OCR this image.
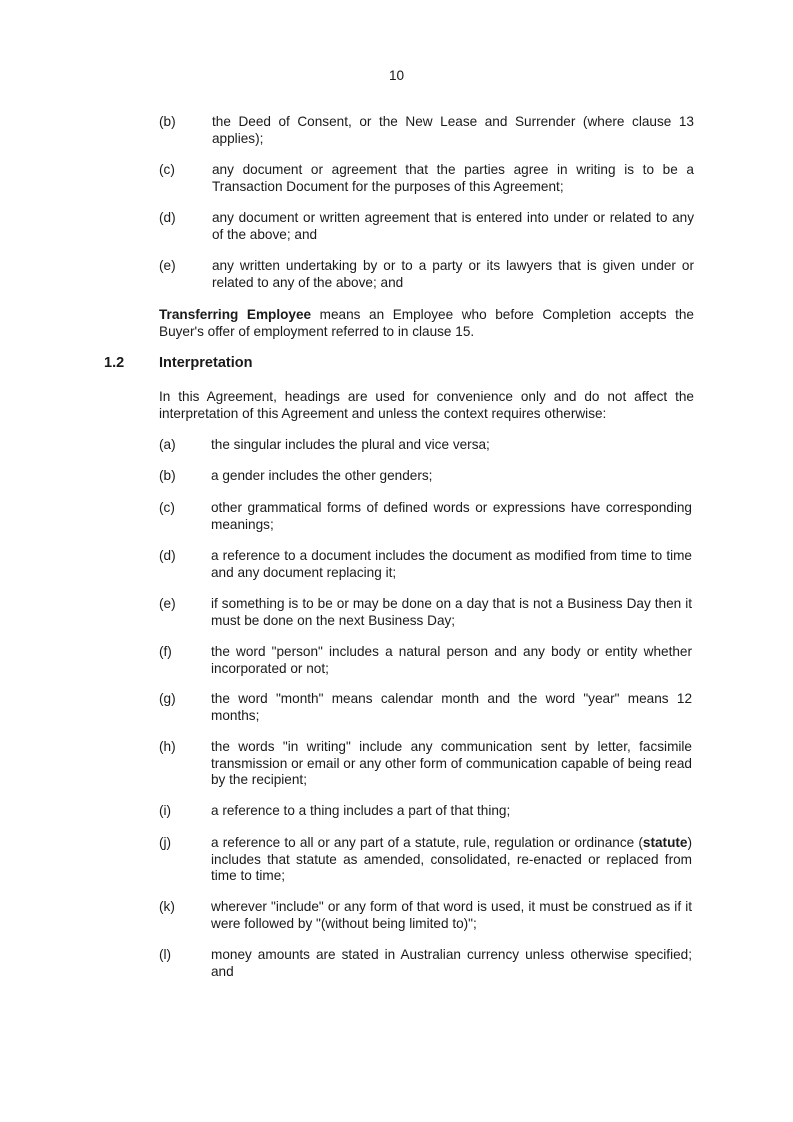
10
(b)	the Deed of Consent, or the New Lease and Surrender (where clause 13 applies);
(c)	any document or agreement that the parties agree in writing is to be a Transaction Document for the purposes of this Agreement;
(d)	any document or written agreement that is entered into under or related to any of the above; and
(e)	any written undertaking by or to a party or its lawyers that is given under or related to any of the above; and
Transferring Employee means an Employee who before Completion accepts the Buyer's offer of employment referred to in clause 15.
1.2 Interpretation
In this Agreement, headings are used for convenience only and do not affect the interpretation of this Agreement and unless the context requires otherwise:
(a)	the singular includes the plural and vice versa;
(b)	a gender includes the other genders;
(c)	other grammatical forms of defined words or expressions have corresponding meanings;
(d)	a reference to a document includes the document as modified from time to time and any document replacing it;
(e)	if something is to be or may be done on a day that is not a Business Day then it must be done on the next Business Day;
(f)	the word "person" includes a natural person and any body or entity whether incorporated or not;
(g)	the word "month" means calendar month and the word "year" means 12 months;
(h)	the words "in writing" include any communication sent by letter, facsimile transmission or email or any other form of communication capable of being read by the recipient;
(i)	a reference to a thing includes a part of that thing;
(j)	a reference to all or any part of a statute, rule, regulation or ordinance (statute) includes that statute as amended, consolidated, re-enacted or replaced from time to time;
(k)	wherever "include" or any form of that word is used, it must be construed as if it were followed by "(without being limited to)";
(l)	money amounts are stated in Australian currency unless otherwise specified; and
